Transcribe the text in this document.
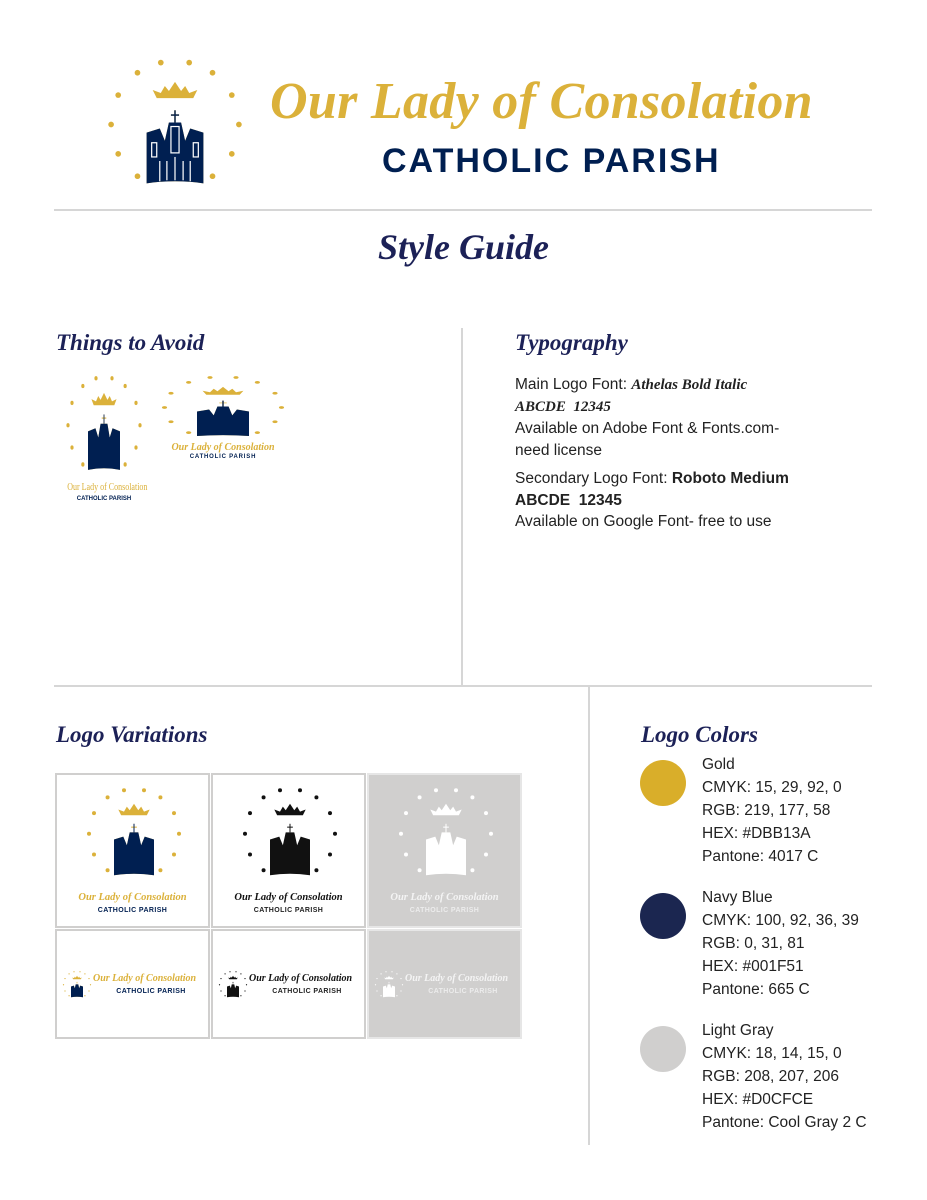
Our Lady of Consolation
CATHOLIC PARISH
Style Guide
Things to Avoid
Our Lady of Consolation
CATHOLIC PARISH
Our Lady of Consolation
CATHOLIC PARISH
Typography
Main Logo Font: Athelas Bold Italic
ABCDE  12345
Available on Adobe Font & Fonts.com- need license
Secondary Logo Font: Roboto Medium
ABCDE  12345
Available on Google Font- free to use
Logo Variations
Our Lady of Consolation
CATHOLIC PARISH
Our Lady of Consolation
CATHOLIC PARISH
Our Lady of Consolation
CATHOLIC PARISH
Our Lady of Consolation
CATHOLIC PARISH
Our Lady of Consolation
CATHOLIC PARISH
Our Lady of Consolation
CATHOLIC PARISH
Logo Colors
Gold
CMYK: 15, 29, 92, 0
RGB: 219, 177, 58
HEX: #DBB13A
Pantone: 4017 C
Navy Blue
CMYK: 100, 92, 36, 39
RGB: 0, 31, 81
HEX: #001F51
Pantone: 665 C
Light Gray
CMYK: 18, 14, 15, 0
RGB: 208, 207, 206
HEX: #D0CFCE
Pantone: Cool Gray 2 C
